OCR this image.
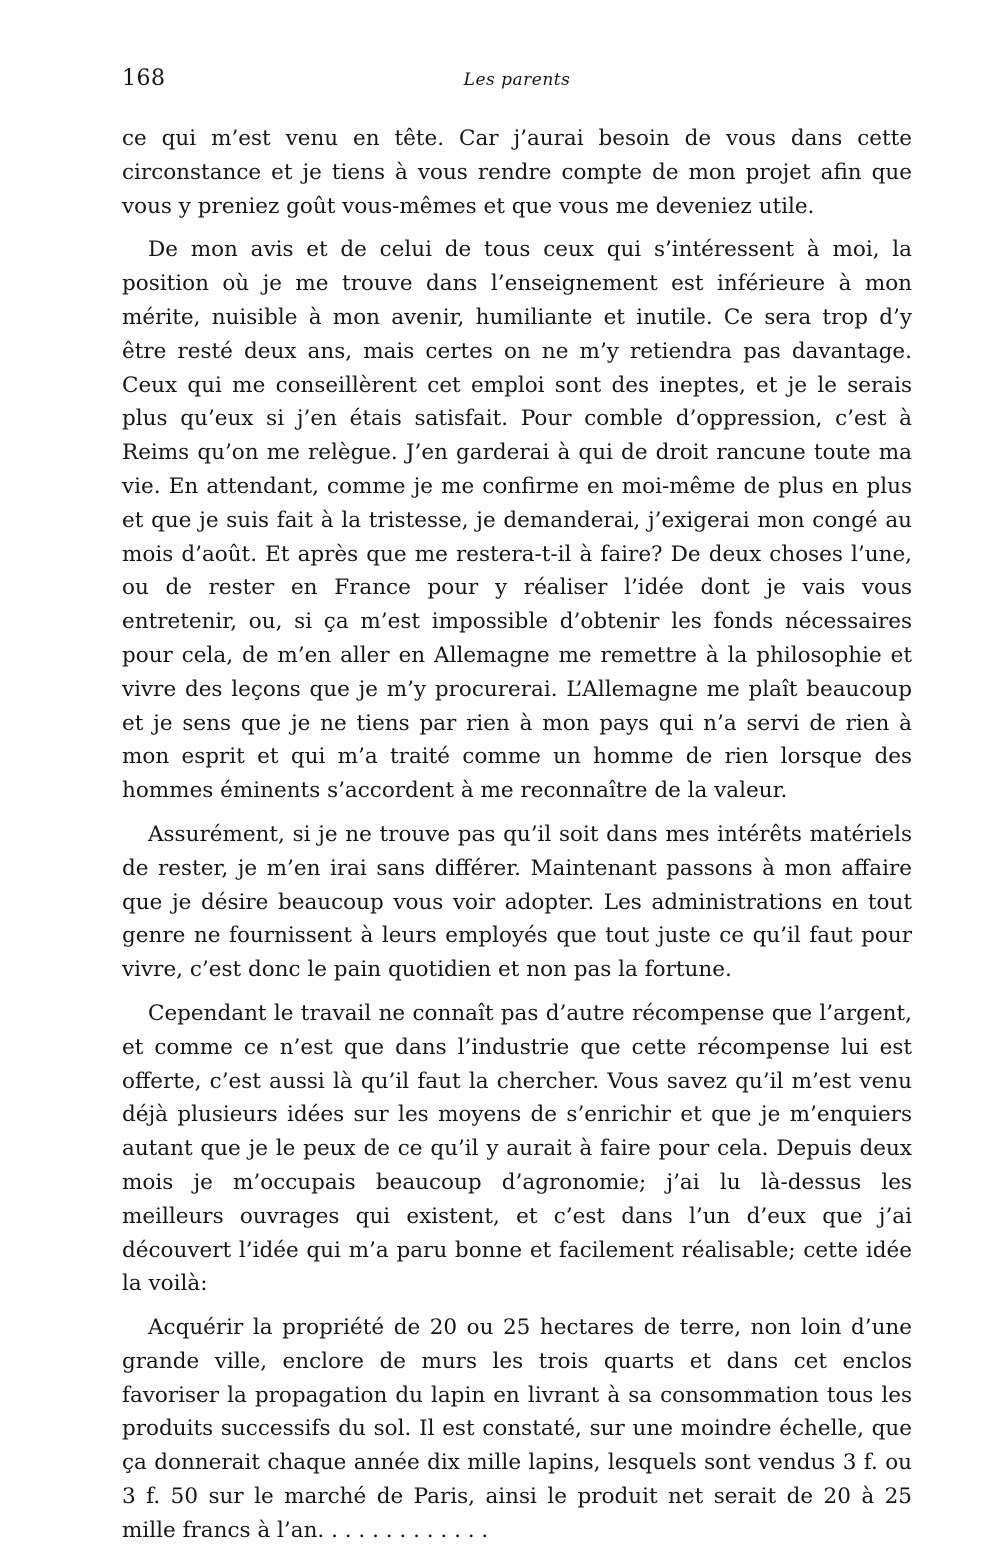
168	Les parents

ce qui m’est venu en tête. Car j’aurai besoin de vous dans cette circonstance et je tiens à vous rendre compte de mon projet afin que vous y preniez goût vous-mêmes et que vous me deveniez utile.

De mon avis et de celui de tous ceux qui s’intéressent à moi, la position où je me trouve dans l’enseignement est inférieure à mon mérite, nuisible à mon avenir, humiliante et inutile. Ce sera trop d’y être resté deux ans, mais certes on ne m’y retiendra pas davantage. Ceux qui me conseillèrent cet emploi sont des ineptes, et je le serais plus qu’eux si j’en étais satisfait. Pour comble d’oppression, c’est à Reims qu’on me relègue. J’en garderai à qui de droit rancune toute ma vie. En attendant, comme je me confirme en moi-même de plus en plus et que je suis fait à la tristesse, je demanderai, j’exigerai mon congé au mois d’août. Et après que me restera-t-il à faire? De deux choses l’une, ou de rester en France pour y réaliser l’idée dont je vais vous entretenir, ou, si ça m’est impossible d’obtenir les fonds nécessaires pour cela, de m’en aller en Allemagne me remettre à la philosophie et vivre des leçons que je m’y procurerai. L’Allemagne me plaît beaucoup et je sens que je ne tiens par rien à mon pays qui n’a servi de rien à mon esprit et qui m’a traité comme un homme de rien lorsque des hommes éminents s’accordent à me reconnaître de la valeur.

Assurément, si je ne trouve pas qu’il soit dans mes intérêts matériels de rester, je m’en irai sans différer. Maintenant passons à mon affaire que je désire beaucoup vous voir adopter. Les administrations en tout genre ne fournissent à leurs employés que tout juste ce qu’il faut pour vivre, c’est donc le pain quotidien et non pas la fortune.

Cependant le travail ne connaît pas d’autre récompense que l’argent, et comme ce n’est que dans l’industrie que cette récompense lui est offerte, c’est aussi là qu’il faut la chercher. Vous savez qu’il m’est venu déjà plusieurs idées sur les moyens de s’enrichir et que je m’enquiers autant que je le peux de ce qu’il y aurait à faire pour cela. Depuis deux mois je m’occupais beaucoup d’agronomie; j’ai lu là-dessus les meilleurs ouvrages qui existent, et c’est dans l’un d’eux que j’ai découvert l’idée qui m’a paru bonne et facilement réalisable; cette idée la voilà:

Acquérir la propriété de 20 ou 25 hectares de terre, non loin d’une grande ville, enclore de murs les trois quarts et dans cet enclos favoriser la propagation du lapin en livrant à sa consommation tous les produits successifs du sol. Il est constaté, sur une moindre échelle, que ça donnerait chaque année dix mille lapins, lesquels sont vendus 3 f. ou 3 f. 50 sur le marché de Paris, ainsi le produit net serait de 20 à 25 mille francs à l’an. . . . . . . . . . . . .
